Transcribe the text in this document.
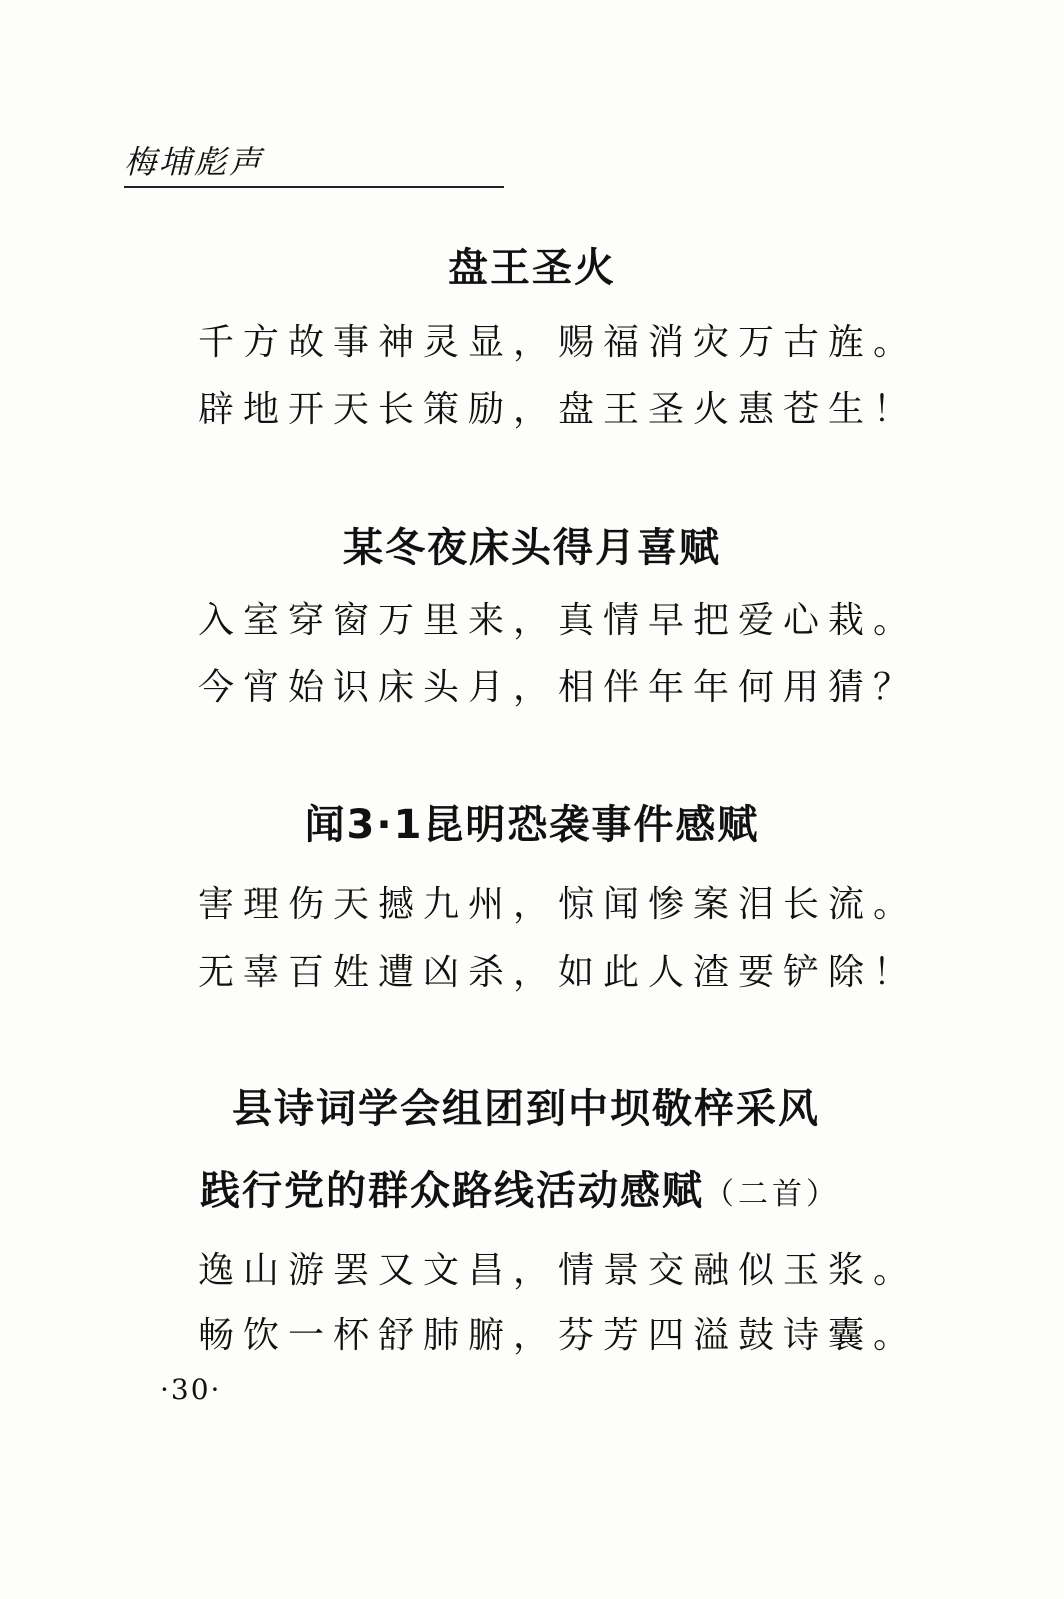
梅埔彪声
盘王圣火
千方故事神灵显，赐福消灾万古旌。
辟地开天长策励，盘王圣火惠苍生！
某冬夜床头得月喜赋
入室穿窗万里来，真情早把爱心栽。
今宵始识床头月，相伴年年何用猜？
闻3·1昆明恐袭事件感赋
害理伤天撼九州，惊闻惨案泪长流。
无辜百姓遭凶杀，如此人渣要铲除！
县诗词学会组团到中坝敬梓采风
践行党的群众路线活动感赋（二首）
逸山游罢又文昌，情景交融似玉浆。
畅饮一杯舒肺腑，芬芳四溢鼓诗囊。
·30·
